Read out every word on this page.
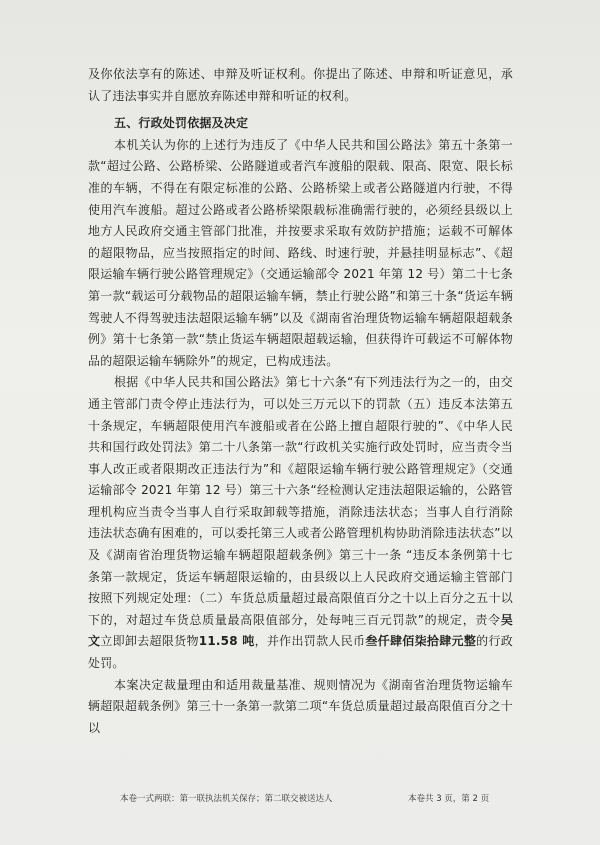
及你依法享有的陈述、申辩及听证权利。你提出了陈述、申辩和听证意见，承认了违法事实并自愿放弃陈述申辩和听证的权利。

五、行政处罚依据及决定

本机关认为你的上述行为违反了《中华人民共和国公路法》第五十条第一款“超过公路、公路桥梁、公路隧道或者汽车渡船的限载、限高、限宽、限长标准的车辆，不得在有限定标准的公路、公路桥梁上或者公路隧道内行驶，不得使用汽车渡船。超过公路或者公路桥梁限载标准确需行驶的，必须经县级以上地方人民政府交通主管部门批准，并按要求采取有效防护措施；运载不可解体的超限物品，应当按照指定的时间、路线、时速行驶，并悬挂明显标志”、《超限运输车辆行驶公路管理规定》（交通运输部令 2021 年第 12 号）第二十七条第一款“载运可分载物品的超限运输车辆，禁止行驶公路”和第三十条“货运车辆驾驶人不得驾驶违法超限运输车辆”以及《湖南省治理货物运输车辆超限超载条例》第十七条第一款“禁止货运车辆超限超载运输，但获得许可载运不可解体物品的超限运输车辆除外”的规定，已构成违法。

根据《中华人民共和国公路法》第七十六条“有下列违法行为之一的，由交通主管部门责令停止违法行为，可以处三万元以下的罚款（五）违反本法第五十条规定，车辆超限使用汽车渡船或者在公路上擅自超限行驶的”、《中华人民共和国行政处罚法》第二十八条第一款“行政机关实施行政处罚时，应当责令当事人改正或者限期改正违法行为”和《超限运输车辆行驶公路管理规定》（交通运输部令 2021 年第 12 号）第三十六条“经检测认定违法超限运输的，公路管理机构应当责令当事人自行采取卸载等措施，消除违法状态；当事人自行消除违法状态确有困难的，可以委托第三人或者公路管理机构协助消除违法状态”以及《湖南省治理货物运输车辆超限超载条例》第三十一条 “违反本条例第十七条第一款规定，货运车辆超限运输的，由县级以上人民政府交通运输主管部门按照下列规定处理：（二）车货总质量超过最高限值百分之十以上百分之五十以下的，对超过车货总质量最高限值部分，处每吨三百元罚款”的规定，责令吴 文立即卸去超限货物11.58 吨，并作出罚款人民币叁仟肆佰柒拾肆元整的行政处罚。

本案决定裁量理由和适用裁量基准、规则情况为《湖南省治理货物运输车辆超限超载条例》第三十一条第一款第二项“车货总质量超过最高限值百分之十以

本卷一式两联：第一联执法机关保存；第二联交被送达人	本卷共 3 页，第 2 页
